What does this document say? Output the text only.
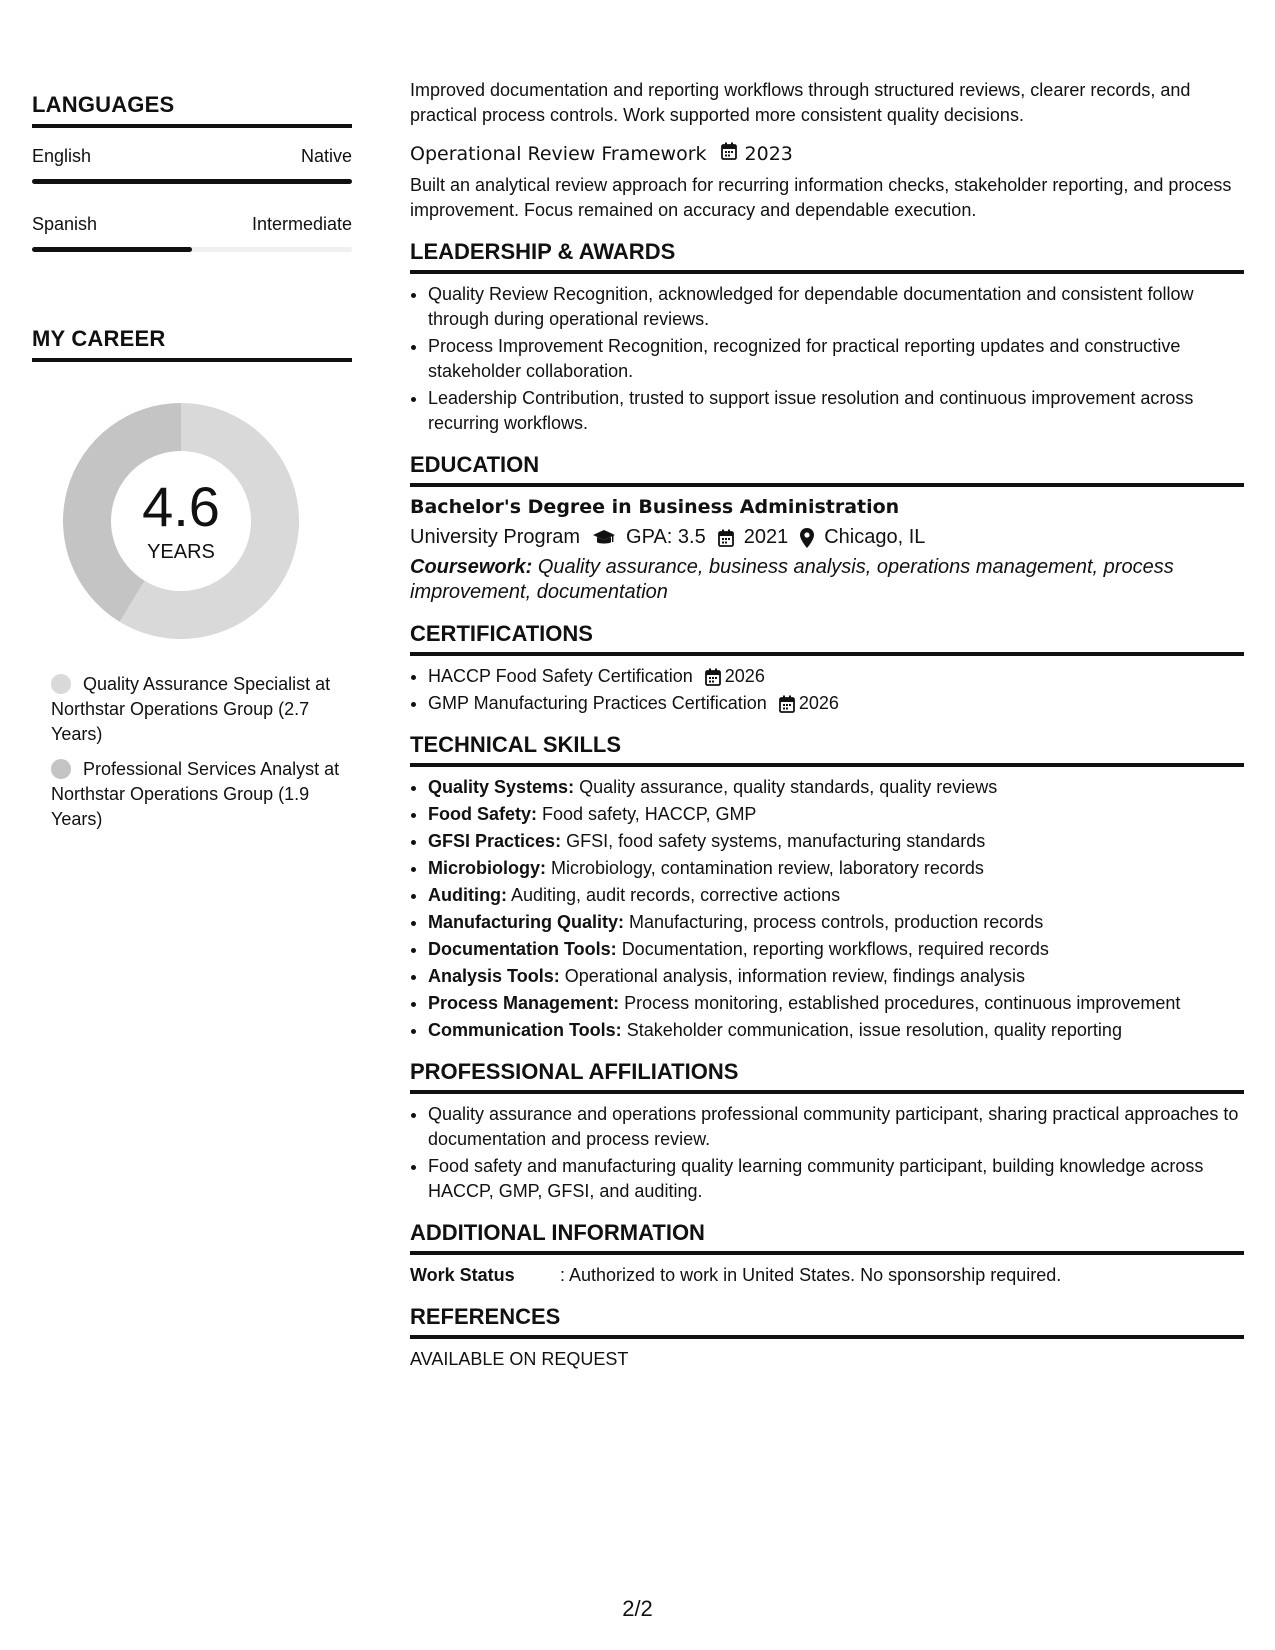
LANGUAGES
English	Native
Spanish	Intermediate
MY CAREER
4.6
YEARS
Quality Assurance Specialist at Northstar Operations Group (2.7 Years)
Professional Services Analyst at Northstar Operations Group (1.9 Years)

Improved documentation and reporting workflows through structured reviews, clearer records, and practical process controls. Work supported more consistent quality decisions.

Operational Review Framework 2023

Built an analytical review approach for recurring information checks, stakeholder reporting, and process improvement. Focus remained on accuracy and dependable execution.

LEADERSHIP & AWARDS
• Quality Review Recognition, acknowledged for dependable documentation and consistent follow through during operational reviews.
• Process Improvement Recognition, recognized for practical reporting updates and constructive stakeholder collaboration.
• Leadership Contribution, trusted to support issue resolution and continuous improvement across recurring workflows.
EDUCATION
Bachelor's Degree in Business Administration
University Program GPA: 3.5 2021 Chicago, IL
Coursework: Quality assurance, business analysis, operations management, process improvement, documentation
CERTIFICATIONS
• HACCP Food Safety Certification 2026
• GMP Manufacturing Practices Certification 2026
TECHNICAL SKILLS
• Quality Systems: Quality assurance, quality standards, quality reviews
• Food Safety: Food safety, HACCP, GMP
• GFSI Practices: GFSI, food safety systems, manufacturing standards
• Microbiology: Microbiology, contamination review, laboratory records
• Auditing: Auditing, audit records, corrective actions
• Manufacturing Quality: Manufacturing, process controls, production records
• Documentation Tools: Documentation, reporting workflows, required records
• Analysis Tools: Operational analysis, information review, findings analysis
• Process Management: Process monitoring, established procedures, continuous improvement
• Communication Tools: Stakeholder communication, issue resolution, quality reporting
PROFESSIONAL AFFILIATIONS
• Quality assurance and operations professional community participant, sharing practical approaches to documentation and process review.
• Food safety and manufacturing quality learning community participant, building knowledge across HACCP, GMP, GFSI, and auditing.
ADDITIONAL INFORMATION
Work Status	: Authorized to work in United States. No sponsorship required.
REFERENCES
AVAILABLE ON REQUEST
2/2
